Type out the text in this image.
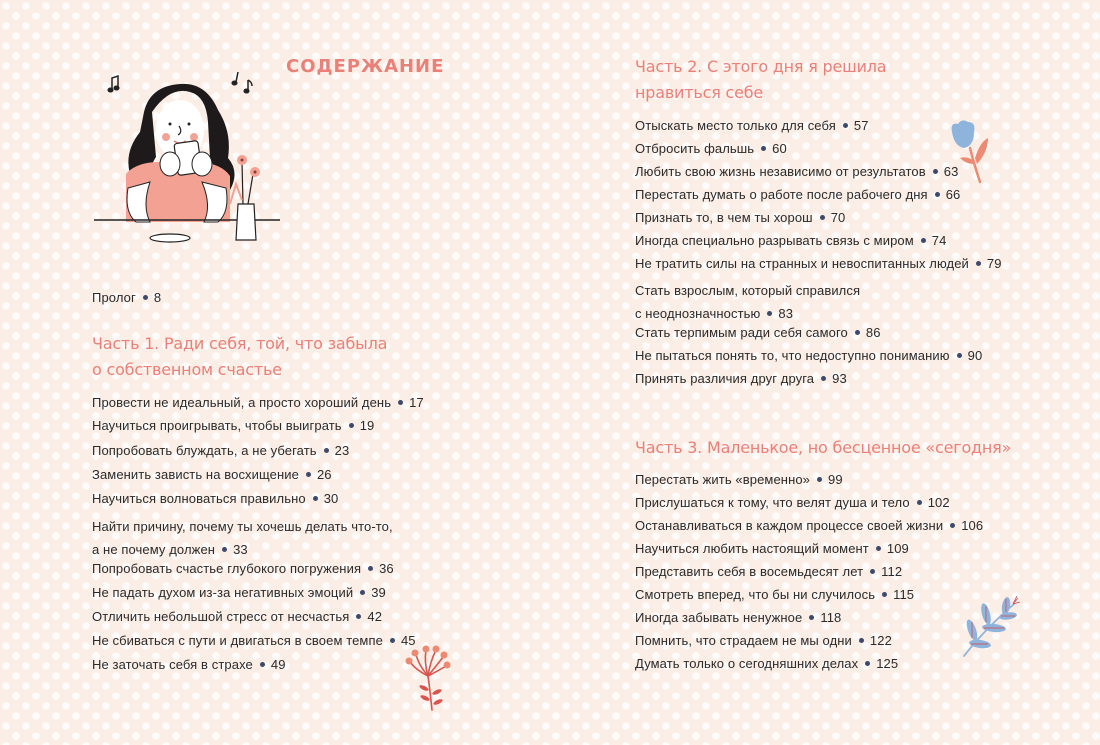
СОДЕРЖАНИЕ
Пролог 8
Часть 1. Ради себя, той, что забыла
о собственном счастье
Провести не идеальный, а просто хороший день 17
Научиться проигрывать, чтобы выиграть 19
Попробовать блуждать, а не убегать 23
Заменить зависть на восхищение 26
Научиться волноваться правильно 30
Найти причину, почему ты хочешь делать что-то,
а не почему должен 33
Попробовать счастье глубокого погружения 36
Не падать духом из-за негативных эмоций 39
Отличить небольшой стресс от несчастья 42
Не сбиваться с пути и двигаться в своем темпе 45
Не заточать себя в страхе 49
Часть 2. С этого дня я решила
нравиться себе
Отыскать место только для себя 57
Отбросить фальшь 60
Любить свою жизнь независимо от результатов 63
Перестать думать о работе после рабочего дня 66
Признать то, в чем ты хорош 70
Иногда специально разрывать связь с миром 74
Не тратить силы на странных и невоспитанных людей 79
Стать взрослым, который справился
с неоднозначностью 83
Стать терпимым ради себя самого 86
Не пытаться понять то, что недоступно пониманию 90
Принять различия друг друга 93
Часть 3. Маленькое, но бесценное «сегодня»
Перестать жить «временно» 99
Прислушаться к тому, что велят душа и тело 102
Останавливаться в каждом процессе своей жизни 106
Научиться любить настоящий момент 109
Представить себя в восемьдесят лет 112
Смотреть вперед, что бы ни случилось 115
Иногда забывать ненужное 118
Помнить, что страдаем не мы одни 122
Думать только о сегодняшних делах 125
